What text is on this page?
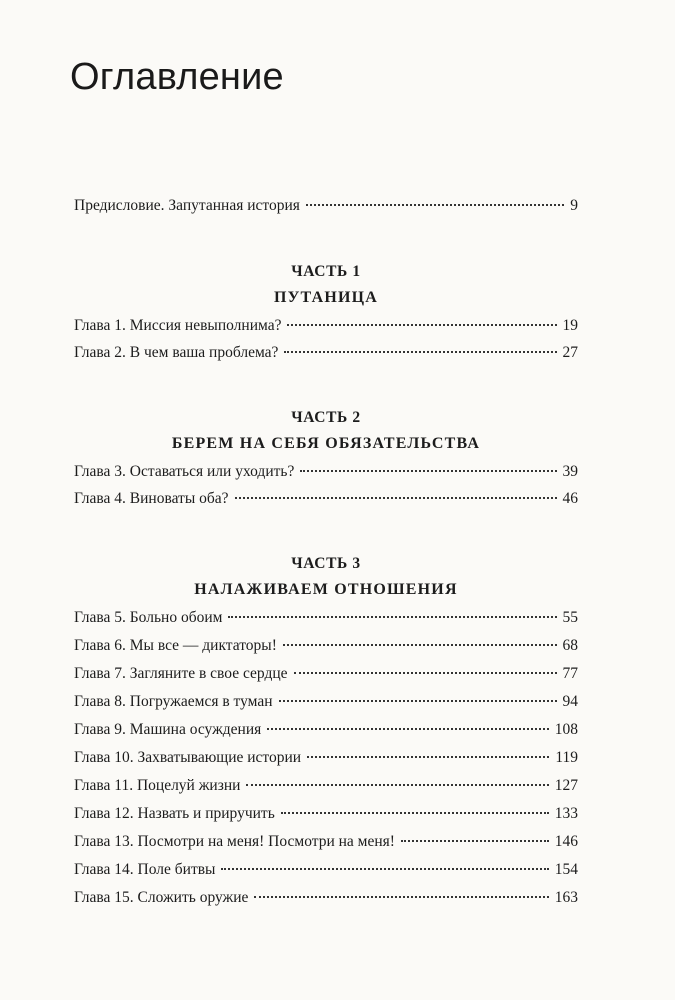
Оглавление
Предисловие. Запутанная история	9
ЧАСТЬ 1
ПУТАНИЦА
Глава 1. Миссия невыполнима?	19
Глава 2. В чем ваша проблема?	27
ЧАСТЬ 2
БЕРЕМ НА СЕБЯ ОБЯЗАТЕЛЬСТВА
Глава 3. Оставаться или уходить?	39
Глава 4. Виноваты оба?	46
ЧАСТЬ 3
НАЛАЖИВАЕМ ОТНОШЕНИЯ
Глава 5. Больно обоим	55
Глава 6. Мы все — диктаторы!	68
Глава 7. Загляните в свое сердце	77
Глава 8. Погружаемся в туман	94
Глава 9. Машина осуждения	108
Глава 10. Захватывающие истории	119
Глава 11. Поцелуй жизни	127
Глава 12. Назвать и приручить	133
Глава 13. Посмотри на меня! Посмотри на меня!	146
Глава 14. Поле битвы	154
Глава 15. Сложить оружие	163
